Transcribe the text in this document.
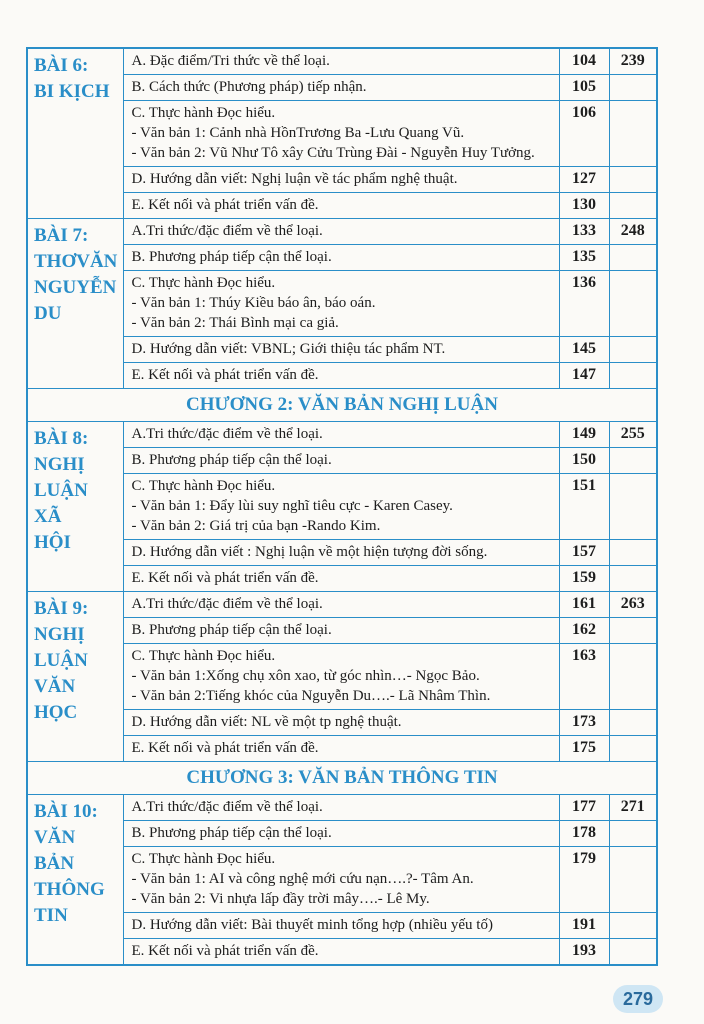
BÀI 6:
BI KỊCH	A. Đặc điểm/Tri thức về thể loại.	104	239

	B. Cách thức (Phương pháp) tiếp nhận.	105	

	C. Thực hành Đọc hiểu.
- Văn bản 1: Cảnh nhà HồnTrương Ba -Lưu Quang Vũ.
- Văn bản 2: Vũ Như Tô xây Cửu Trùng Đài - Nguyễn Huy Tưởng.	106	

	D. Hướng dẫn viết: Nghị luận về tác phẩm nghệ thuật.	127	

	E. Kết nối và phát triển vấn đề.	130	

BÀI 7:
THƠVĂN
NGUYỄN
DU	A.Tri thức/đặc điểm về thể loại.	133	248

	B. Phương pháp tiếp cận thể loại.	135	

	C. Thực hành Đọc hiểu.
- Văn bản 1: Thúy Kiều báo ân, báo oán.
- Văn bản 2: Thái Bình mại ca giả.	136	

	D. Hướng dẫn viết: VBNL; Giới thiệu tác phẩm NT.	145	

	E. Kết nối và phát triển vấn đề.	147	
CHƯƠNG 2: VĂN BẢN NGHỊ LUẬN			

BÀI 8:
NGHỊ
LUẬN XÃ
HỘI	A.Tri thức/đặc điểm về thể loại.	149	255

	B. Phương pháp tiếp cận thể loại.	150	

	C. Thực hành Đọc hiểu.
- Văn bản 1: Đẩy lùi suy nghĩ tiêu cực - Karen Casey.
- Văn bản 2: Giá trị của bạn -Rando Kim.	151	

	D. Hướng dẫn viết : Nghị luận về một hiện tượng đời sống.	157	

	E. Kết nối và phát triển vấn đề.	159	

BÀI 9:
NGHỊ
LUẬN
VĂN
HỌC	A.Tri thức/đặc điểm về thể loại.	161	263

	B. Phương pháp tiếp cận thể loại.	162	

	C. Thực hành Đọc hiểu.
- Văn bản 1:Xống chụ xôn xao, từ góc nhìn…- Ngọc Bảo.
- Văn bản 2:Tiếng khóc của Nguyễn Du….- Lã Nhâm Thìn.	163	

	D. Hướng dẫn viết: NL về một tp nghệ thuật.	173	

	E. Kết nối và phát triển vấn đề.	175	
CHƯƠNG 3: VĂN BẢN THÔNG TIN			

BÀI 10:
VĂN BẢN
THÔNG
TIN	A.Tri thức/đặc điểm về thể loại.	177	271

	B. Phương pháp tiếp cận thể loại.	178	

	C. Thực hành Đọc hiểu.
- Văn bản 1: AI và công nghệ mới cứu nạn….?- Tâm An.
- Văn bản 2: Vi nhựa lấp đầy trời mây….- Lê My.	179	

	D. Hướng dẫn viết: Bài thuyết minh tổng hợp (nhiều yếu tố)	191	

	E. Kết nối và phát triển vấn đề.	193	
279
